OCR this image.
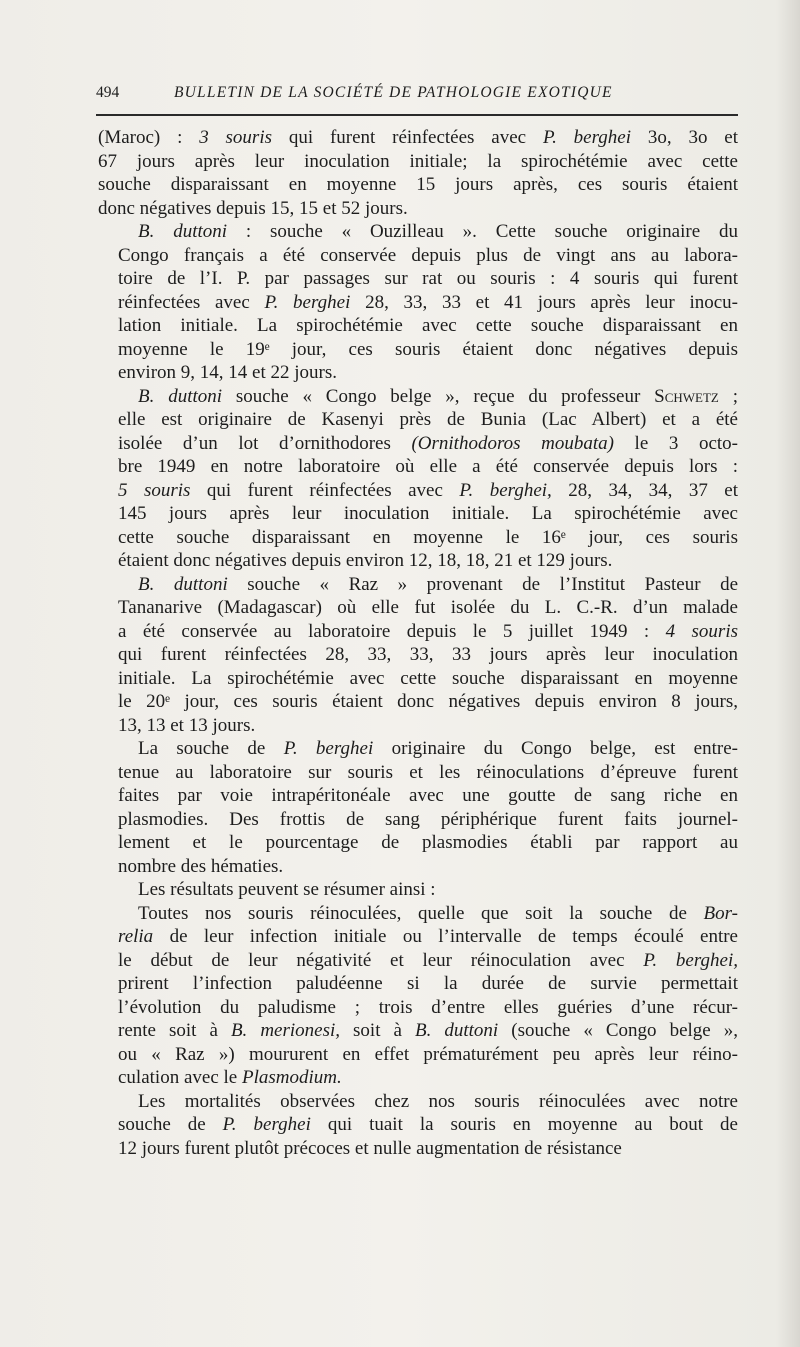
494	BULLETIN DE LA SOCIÉTÉ DE PATHOLOGIE EXOTIQUE
(Maroc) : 3 souris qui furent réinfectées avec P. berghei 3o, 3o et
67 jours après leur inoculation initiale; la spirochétémie avec cette
souche disparaissant en moyenne 15 jours après, ces souris étaient
donc négatives depuis 15, 15 et 52 jours.
B. duttoni : souche « Ouzilleau ». Cette souche originaire du
Congo français a été conservée depuis plus de vingt ans au labora-
toire de l’I. P. par passages sur rat ou souris : 4 souris qui furent
réinfectées avec P. berghei 28, 33, 33 et 41 jours après leur inocu-
lation initiale. La spirochétémie avec cette souche disparaissant en
moyenne le 19ᵉ jour, ces souris étaient donc négatives depuis
environ 9, 14, 14 et 22 jours.
B. duttoni souche « Congo belge », reçue du professeur Schwetz ;
elle est originaire de Kasenyi près de Bunia (Lac Albert) et a été
isolée d’un lot d’ornithodores (Ornithodoros moubata) le 3 octo-
bre 1949 en notre laboratoire où elle a été conservée depuis lors :
5 souris qui furent réinfectées avec P. berghei, 28, 34, 34, 37 et
145 jours après leur inoculation initiale. La spirochétémie avec
cette souche disparaissant en moyenne le 16ᵉ jour, ces souris
étaient donc négatives depuis environ 12, 18, 18, 21 et 129 jours.
B. duttoni souche « Raz » provenant de l’Institut Pasteur de
Tananarive (Madagascar) où elle fut isolée du L. C.-R. d’un malade
a été conservée au laboratoire depuis le 5 juillet 1949 : 4 souris
qui furent réinfectées 28, 33, 33, 33 jours après leur inoculation
initiale. La spirochétémie avec cette souche disparaissant en moyenne
le 20ᵉ jour, ces souris étaient donc négatives depuis environ 8 jours,
13, 13 et 13 jours.
La souche de P. berghei originaire du Congo belge, est entre-
tenue au laboratoire sur souris et les réinoculations d’épreuve furent
faites par voie intrapéritonéale avec une goutte de sang riche en
plasmodies. Des frottis de sang périphérique furent faits journel-
lement et le pourcentage de plasmodies établi par rapport au
nombre des hématies.
Les résultats peuvent se résumer ainsi :
Toutes nos souris réinoculées, quelle que soit la souche de Bor-
relia de leur infection initiale ou l’intervalle de temps écoulé entre
le début de leur négativité et leur réinoculation avec P. berghei,
prirent l’infection paludéenne si la durée de survie permettait
l’évolution du paludisme ; trois d’entre elles guéries d’une récur-
rente soit à B. merionesi, soit à B. duttoni (souche « Congo belge »,
ou « Raz ») moururent en effet prématurément peu après leur réino-
culation avec le Plasmodium.
Les mortalités observées chez nos souris réinoculées avec notre
souche de P. berghei qui tuait la souris en moyenne au bout de
12 jours furent plutôt précoces et nulle augmentation de résistance
